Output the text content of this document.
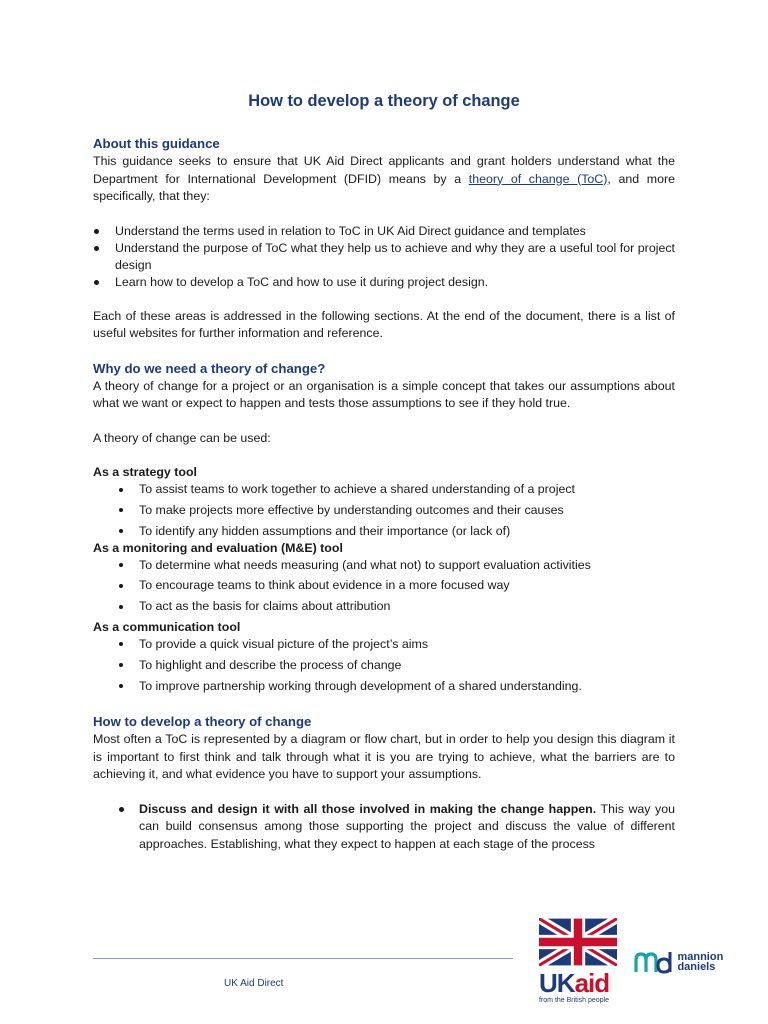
How to develop a theory of change
About this guidance

This guidance seeks to ensure that UK Aid Direct applicants and grant holders understand what the Department for International Development (DFID) means by a theory of change (ToC), and more specifically, that they:

Understand the terms used in relation to ToC in UK Aid Direct guidance and templates
Understand the purpose of ToC what they help us to achieve and why they are a useful tool for project design
Learn how to develop a ToC and how to use it during project design.

Each of these areas is addressed in the following sections. At the end of the document, there is a list of useful websites for further information and reference.

Why do we need a theory of change?

A theory of change for a project or an organisation is a simple concept that takes our assumptions about what we want or expect to happen and tests those assumptions to see if they hold true.

A theory of change can be used:

As a strategy tool
To assist teams to work together to achieve a shared understanding of a project
To make projects more effective by understanding outcomes and their causes
To identify any hidden assumptions and their importance (or lack of)
As a monitoring and evaluation (M&E) tool
To determine what needs measuring (and what not) to support evaluation activities
To encourage teams to think about evidence in a more focused way
To act as the basis for claims about attribution
As a communication tool
To provide a quick visual picture of the project’s aims
To highlight and describe the process of change
To improve partnership working through development of a shared understanding.
How to develop a theory of change

Most often a ToC is represented by a diagram or flow chart, but in order to help you design this diagram it is important to first think and talk through what it is you are trying to achieve, what the barriers are to achieving it, and what evidence you have to support your assumptions.

Discuss and design it with all those involved in making the change happen. This way you can build consensus among those supporting the project and discuss the value of different approaches. Establishing, what they expect to happen at each stage of the process
UK Aid Direct	UKaid
from the British people
mannion
daniels
